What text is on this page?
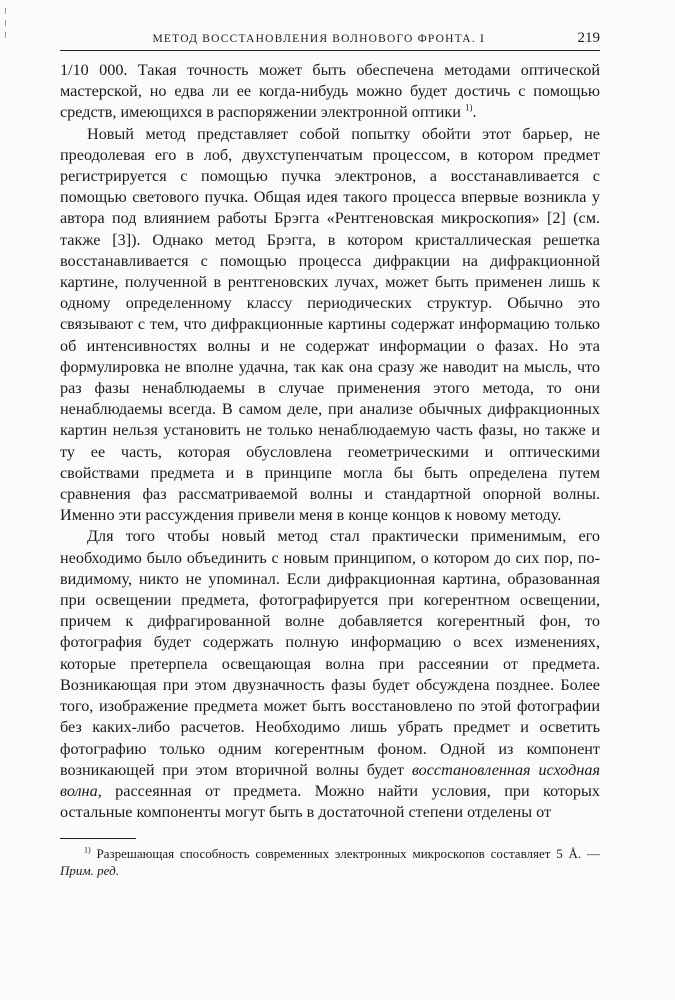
МЕТОД ВОССТАНОВЛЕНИЯ ВОЛНОВОГО ФРОНТА. I	219

1/10 000. Такая точность может быть обеспечена методами оптической мастерской, но едва ли ее когда-нибудь можно будет достичь с помощью средств, имеющихся в распоряжении электронной оптики $^{1)}$.

Новый метод представляет собой попытку обойти этот барьер, не преодолевая его в лоб, двухступенчатым процессом, в котором предмет регистрируется с помощью пучка электронов, а восстанавливается с помощью светового пучка. Общая идея такого процесса впервые возникла у автора под влиянием работы Брэгга «Рентгеновская микроскопия» [2] (см. также [3]). Однако метод Брэгга, в котором кристаллическая решетка восстанавливается с помощью процесса дифракции на дифракционной картине, полученной в рентгеновских лучах, может быть применен лишь к одному определенному классу периодических структур. Обычно это связывают с тем, что дифракционные картины содержат информацию только об интенсивностях волны и не содержат информации о фазах. Но эта формулировка не вполне удачна, так как она сразу же наводит на мысль, что раз фазы ненаблюдаемы в случае применения этого метода, то они ненаблюдаемы всегда. В самом деле, при анализе обычных дифракционных картин нельзя установить не только ненаблюдаемую часть фазы, но также и ту ее часть, которая обусловлена геометрическими и оптическими свойствами предмета и в принципе могла бы быть определена путем сравнения фаз рассматриваемой волны и стандартной опорной волны. Именно эти рассуждения привели меня в конце концов к новому методу.

Для того чтобы новый метод стал практически применимым, его необходимо было объединить с новым принципом, о котором до сих пор, по-видимому, никто не упоминал. Если дифракционная картина, образованная при освещении предмета, фотографируется при когерентном освещении, причем к дифрагированной волне добавляется когерентный фон, то фотография будет содержать полную информацию о всех изменениях, которые претерпела освещающая волна при рассеянии от предмета. Возникающая при этом двузначность фазы будет обсуждена позднее. Более того, изображение предмета может быть восстановлено по этой фотографии без каких-либо расчетов. Необходимо лишь убрать предмет и осветить фотографию только одним когерентным фоном. Одной из компонент возникающей при этом вторичной волны будет восстановленная исходная волна, рассеянная от предмета. Можно найти условия, при которых остальные компоненты могут быть в достаточной степени отделены от

$^{1)}$ Разрешающая способность современных электронных микроскопов составляет 5 Å. — Прим. ред.
